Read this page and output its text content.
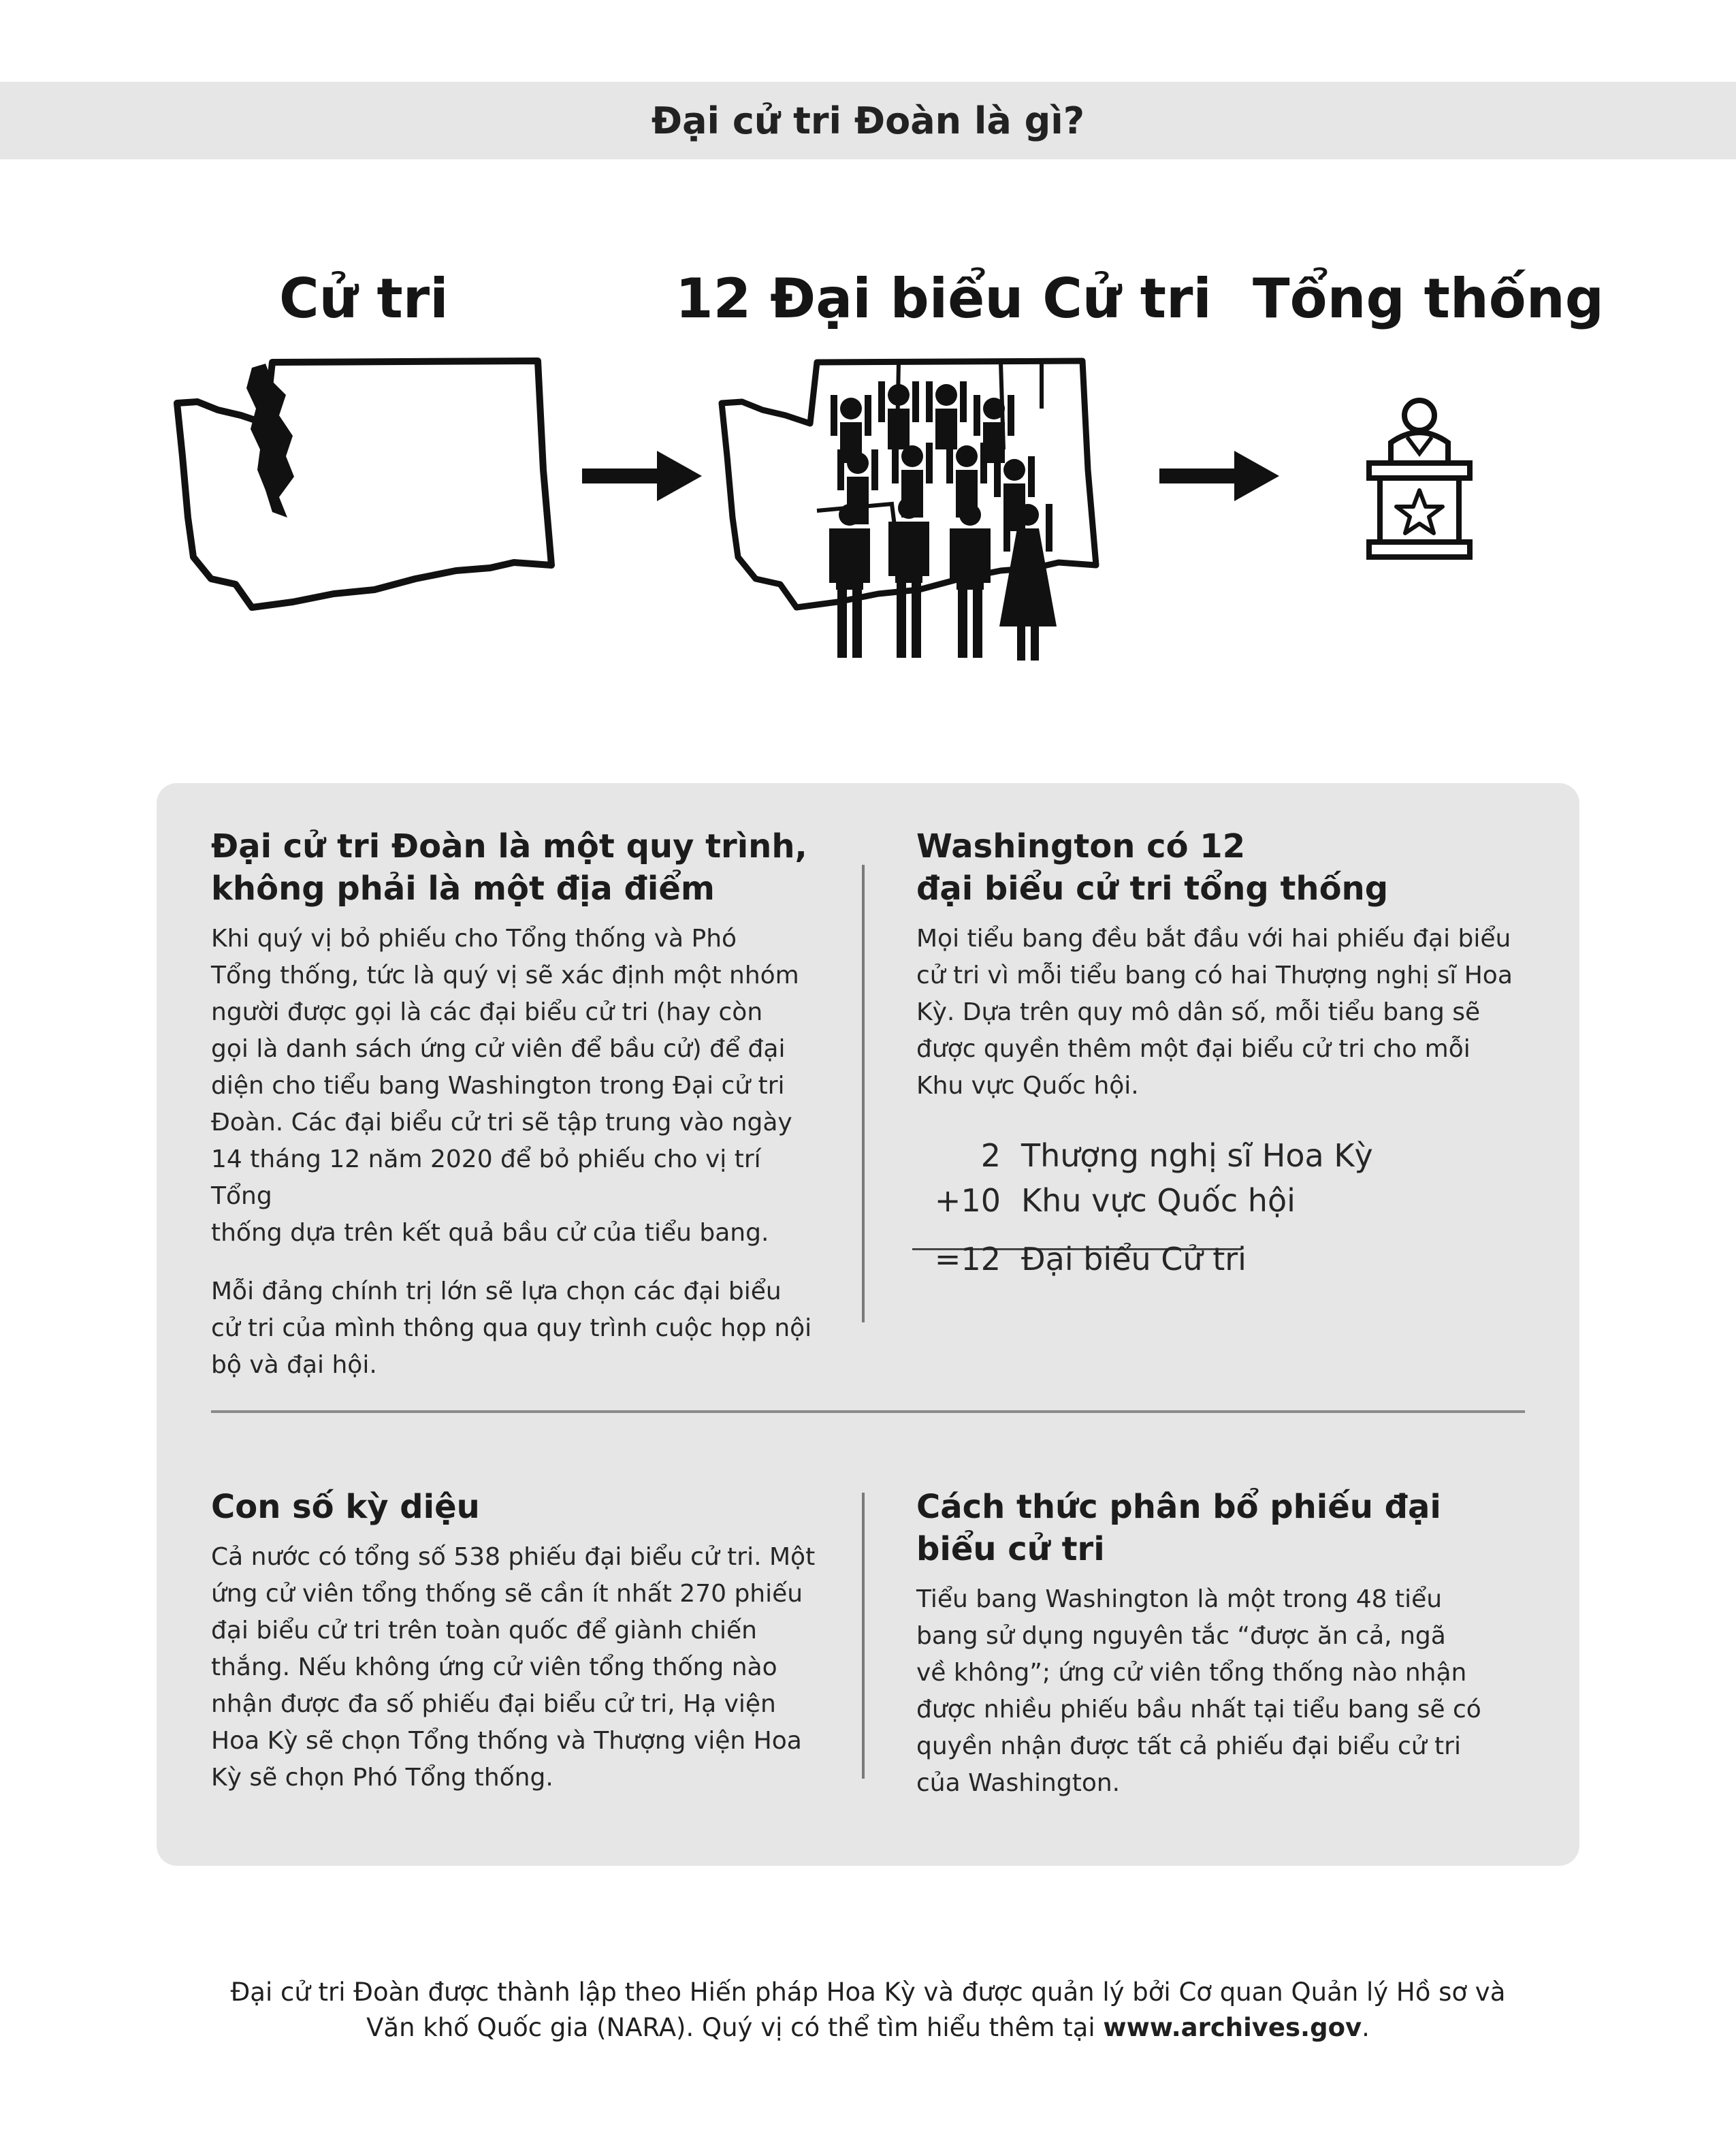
Đại cử tri Đoàn là gì?
Cử tri	12 Đại biểu Cử tri Tổng thống
Đại cử tri Đoàn là một quy trình,
không phải là một địa điểm

Khi quý vị bỏ phiếu cho Tổng thống và Phó
Tổng thống, tức là quý vị sẽ xác định một nhóm
người được gọi là các đại biểu cử tri (hay còn
gọi là danh sách ứng cử viên để bầu cử) để đại
diện cho tiểu bang Washington trong Đại cử tri
Đoàn. Các đại biểu cử tri sẽ tập trung vào ngày
14 tháng 12 năm 2020 để bỏ phiếu cho vị trí Tổng
thống dựa trên kết quả bầu cử của tiểu bang.

Mỗi đảng chính trị lớn sẽ lựa chọn các đại biểu
cử tri của mình thông qua quy trình cuộc họp nội
bộ và đại hội.

Washington có 12
đại biểu cử tri tổng thống

Mọi tiểu bang đều bắt đầu với hai phiếu đại biểu
cử tri vì mỗi tiểu bang có hai Thượng nghị sĩ Hoa
Kỳ. Dựa trên quy mô dân số, mỗi tiểu bang sẽ
được quyền thêm một đại biểu cử tri cho mỗi
Khu vực Quốc hội.

2 Thượng nghị sĩ Hoa Kỳ
+10 Khu vực Quốc hội
=12 Đại biểu Cử tri
Con số kỳ diệu

Cả nước có tổng số 538 phiếu đại biểu cử tri. Một
ứng cử viên tổng thống sẽ cần ít nhất 270 phiếu
đại biểu cử tri trên toàn quốc để giành chiến
thắng. Nếu không ứng cử viên tổng thống nào
nhận được đa số phiếu đại biểu cử tri, Hạ viện
Hoa Kỳ sẽ chọn Tổng thống và Thượng viện Hoa
Kỳ sẽ chọn Phó Tổng thống.

Cách thức phân bổ phiếu đại
biểu cử tri

Tiểu bang Washington là một trong 48 tiểu
bang sử dụng nguyên tắc “được ăn cả, ngã
về không”; ứng cử viên tổng thống nào nhận
được nhiều phiếu bầu nhất tại tiểu bang sẽ có
quyền nhận được tất cả phiếu đại biểu cử tri
của Washington.

Đại cử tri Đoàn được thành lập theo Hiến pháp Hoa Kỳ và được quản lý bởi Cơ quan Quản lý Hồ sơ và
Văn khố Quốc gia (NARA). Quý vị có thể tìm hiểu thêm tại www.archives.gov.
